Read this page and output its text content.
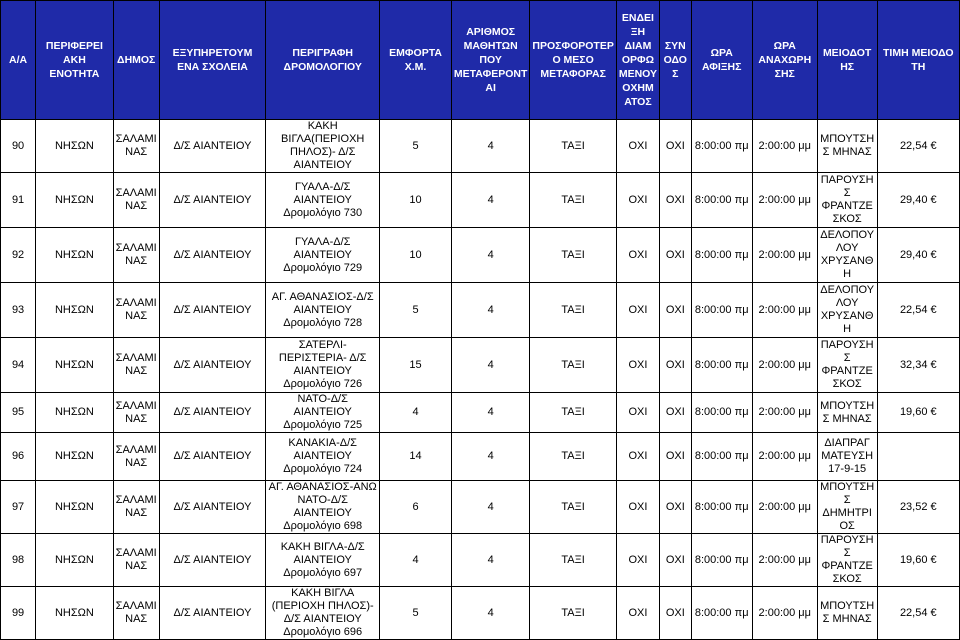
Α/Α	ΠΕΡΙΦΕΡΕΙ ΑΚΗ ΕΝΟΤΗΤΑ	ΔΗΜΟΣ	ΕΞΥΠΗΡΕΤΟΥΜ ΕΝΑ ΣΧΟΛΕΙΑ	ΠΕΡΙΓΡΑΦΗ ΔΡΟΜΟΛΟΓΙΟΥ	ΕΜΦΟΡΤΑ Χ.Μ.	ΑΡΙΘΜΟΣ ΜΑΘΗΤΩΝ ΠΟΥ ΜΕΤΑΦΕΡΟΝΤ ΑΙ	ΠΡΟΣΦΟΡΟΤΕΡ Ο ΜΕΣΟ ΜΕΤΑΦΟΡΑΣ	ΕΝΔΕΙ ΞΗ ΔΙΑΜ ΟΡΦΩ ΜΕΝΟΥ ΟΧΗΜ ΑΤΟΣ	ΣΥΝ ΟΔΟ Σ	ΩΡΑ ΑΦΙΞΗΣ	ΩΡΑ ΑΝΑΧΩΡΗ ΣΗΣ	ΜΕΙΟΔΟΤ ΗΣ	ΤΙΜΗ ΜΕΙΟΔΟ ΤΗ
90	ΝΗΣΩΝ	ΣΑΛΑΜΙ ΝΑΣ	Δ/Σ ΑΙΑΝΤΕΙΟΥ	ΚΑΚΗ ΒΙΓΛΑ(ΠΕΡΙΟΧΗ ΠΗΛΟΣ)- Δ/Σ ΑΙΑΝΤΕΙΟΥ	5	4	ΤΑΞΙ	ΟΧΙ	ΟΧΙ	8:00:00 πμ	2:00:00 μμ	ΜΠΟΥΤΣΗ Σ ΜΗΝΑΣ	22,54 €
91	ΝΗΣΩΝ	ΣΑΛΑΜΙ ΝΑΣ	Δ/Σ ΑΙΑΝΤΕΙΟΥ	ΓΥΑΛΑ-Δ/Σ ΑΙΑΝΤΕΙΟΥ Δρομολόγιο 730	10	4	ΤΑΞΙ	ΟΧΙ	ΟΧΙ	8:00:00 πμ	2:00:00 μμ	ΠΑΡΟΥΣΗ Σ ΦΡΑΝΤΖΕ ΣΚΟΣ	29,40 €
92	ΝΗΣΩΝ	ΣΑΛΑΜΙ ΝΑΣ	Δ/Σ ΑΙΑΝΤΕΙΟΥ	ΓΥΑΛΑ-Δ/Σ ΑΙΑΝΤΕΙΟΥ Δρομολόγιο 729	10	4	ΤΑΞΙ	ΟΧΙ	ΟΧΙ	8:00:00 πμ	2:00:00 μμ	ΔΕΛΟΠΟΥ ΛΟΥ ΧΡΥΣΑΝΘ Η	29,40 €
93	ΝΗΣΩΝ	ΣΑΛΑΜΙ ΝΑΣ	Δ/Σ ΑΙΑΝΤΕΙΟΥ	ΑΓ. ΑΘΑΝΑΣΙΟΣ-Δ/Σ ΑΙΑΝΤΕΙΟΥ Δρομολόγιο 728	5	4	ΤΑΞΙ	ΟΧΙ	ΟΧΙ	8:00:00 πμ	2:00:00 μμ	ΔΕΛΟΠΟΥ ΛΟΥ ΧΡΥΣΑΝΘ Η	22,54 €
94	ΝΗΣΩΝ	ΣΑΛΑΜΙ ΝΑΣ	Δ/Σ ΑΙΑΝΤΕΙΟΥ	ΣΑΤΕΡΛΙ-ΠΕΡΙΣΤΕΡΙΑ- Δ/Σ ΑΙΑΝΤΕΙΟΥ Δρομολόγιο 726	15	4	ΤΑΞΙ	ΟΧΙ	ΟΧΙ	8:00:00 πμ	2:00:00 μμ	ΠΑΡΟΥΣΗ Σ ΦΡΑΝΤΖΕ ΣΚΟΣ	32,34 €
95	ΝΗΣΩΝ	ΣΑΛΑΜΙ ΝΑΣ	Δ/Σ ΑΙΑΝΤΕΙΟΥ	ΝΑΤΟ-Δ/Σ ΑΙΑΝΤΕΙΟΥ Δρομολόγιο 725	4	4	ΤΑΞΙ	ΟΧΙ	ΟΧΙ	8:00:00 πμ	2:00:00 μμ	ΜΠΟΥΤΣΗ Σ ΜΗΝΑΣ	19,60 €
96	ΝΗΣΩΝ	ΣΑΛΑΜΙ ΝΑΣ	Δ/Σ ΑΙΑΝΤΕΙΟΥ	ΚΑΝΑΚΙΑ-Δ/Σ ΑΙΑΝΤΕΙΟΥ Δρομολόγιο 724	14	4	ΤΑΞΙ	ΟΧΙ	ΟΧΙ	8:00:00 πμ	2:00:00 μμ	ΔΙΑΠΡΑΓ ΜΑΤΕΥΣΗ 17-9-15	
97	ΝΗΣΩΝ	ΣΑΛΑΜΙ ΝΑΣ	Δ/Σ ΑΙΑΝΤΕΙΟΥ	ΑΓ. ΑΘΑΝΑΣΙΟΣ-ΑΝΩ ΝΑΤΟ-Δ/Σ ΑΙΑΝΤΕΙΟΥ Δρομολόγιο 698	6	4	ΤΑΞΙ	ΟΧΙ	ΟΧΙ	8:00:00 πμ	2:00:00 μμ	ΜΠΟΥΤΣΗ Σ ΔΗΜΗΤΡΙ ΟΣ	23,52 €
98	ΝΗΣΩΝ	ΣΑΛΑΜΙ ΝΑΣ	Δ/Σ ΑΙΑΝΤΕΙΟΥ	ΚΑΚΗ ΒΙΓΛΑ-Δ/Σ ΑΙΑΝΤΕΙΟΥ Δρομολόγιο 697	4	4	ΤΑΞΙ	ΟΧΙ	ΟΧΙ	8:00:00 πμ	2:00:00 μμ	ΠΑΡΟΥΣΗ Σ ΦΡΑΝΤΖΕ ΣΚΟΣ	19,60 €
99	ΝΗΣΩΝ	ΣΑΛΑΜΙ ΝΑΣ	Δ/Σ ΑΙΑΝΤΕΙΟΥ	ΚΑΚΗ ΒΙΓΛΑ (ΠΕΡΙΟΧΗ ΠΗΛΟΣ)- Δ/Σ ΑΙΑΝΤΕΙΟΥ Δρομολόγιο 696	5	4	ΤΑΞΙ	ΟΧΙ	ΟΧΙ	8:00:00 πμ	2:00:00 μμ	ΜΠΟΥΤΣΗ Σ ΜΗΝΑΣ	22,54 €
